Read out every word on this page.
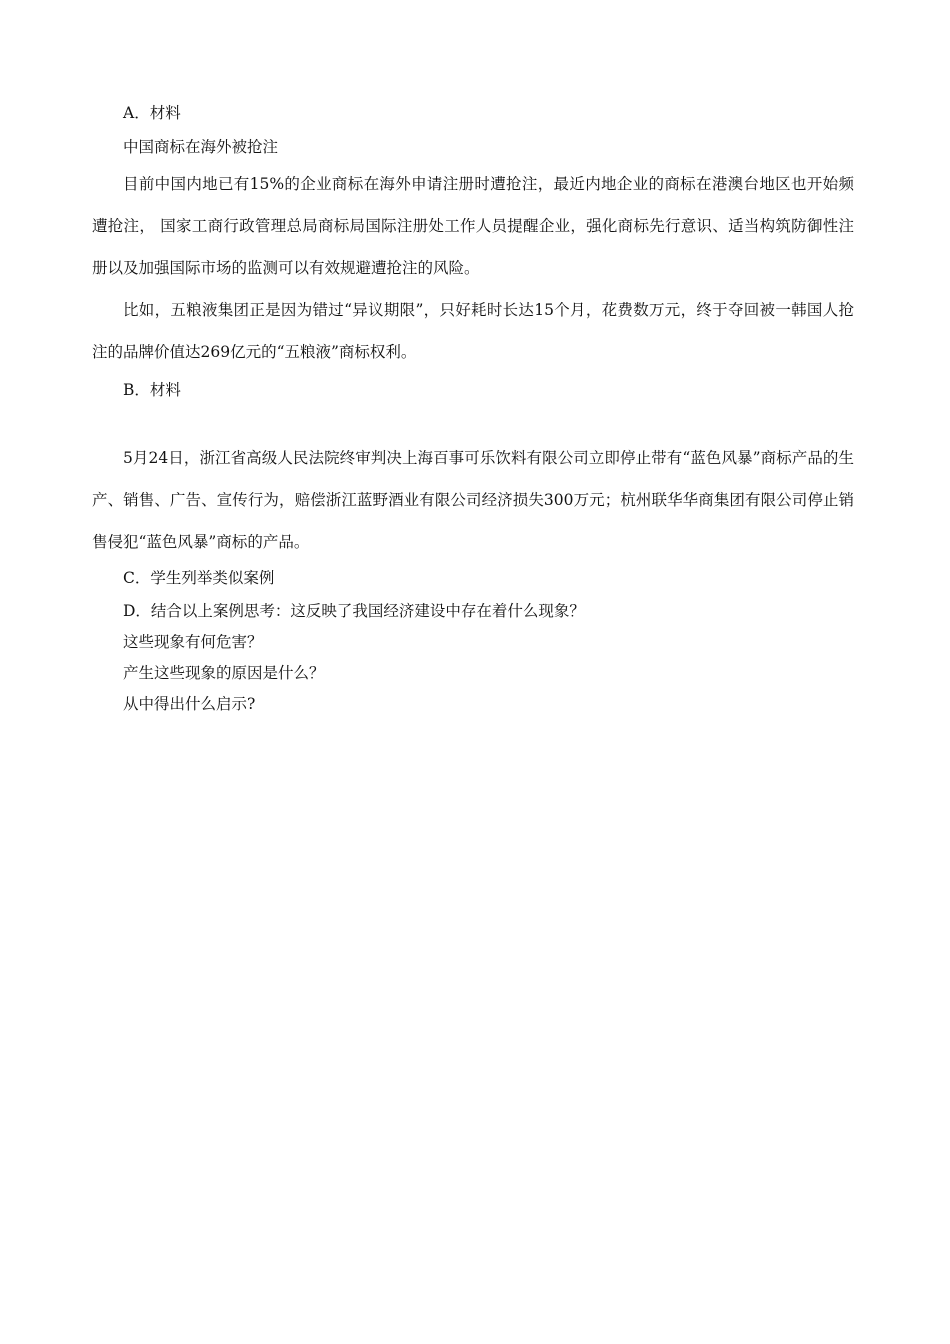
A．材料

中国商标在海外被抢注

目前中国内地已有15%的企业商标在海外申请注册时遭抢注，最近内地企业的商标在港澳台地区也开始频遭抢注， 国家工商行政管理总局商标局国际注册处工作人员提醒企业，强化商标先行意识、适当构筑防御性注册以及加强国际市场的监测可以有效规避遭抢注的风险。

比如，五粮液集团正是因为错过“异议期限”，只好耗时长达15个月，花费数万元，终于夺回被一韩国人抢注的品牌价值达269亿元的“五粮液”商标权利。

B．材料

5月24日，浙江省高级人民法院终审判决上海百事可乐饮料有限公司立即停止带有“蓝色风暴”商标产品的生产、销售、广告、宣传行为，赔偿浙江蓝野酒业有限公司经济损失300万元；杭州联华华商集团有限公司停止销售侵犯“蓝色风暴”商标的产品。

C．学生列举类似案例

D．结合以上案例思考：这反映了我国经济建设中存在着什么现象？

这些现象有何危害？

产生这些现象的原因是什么？

从中得出什么启示?
